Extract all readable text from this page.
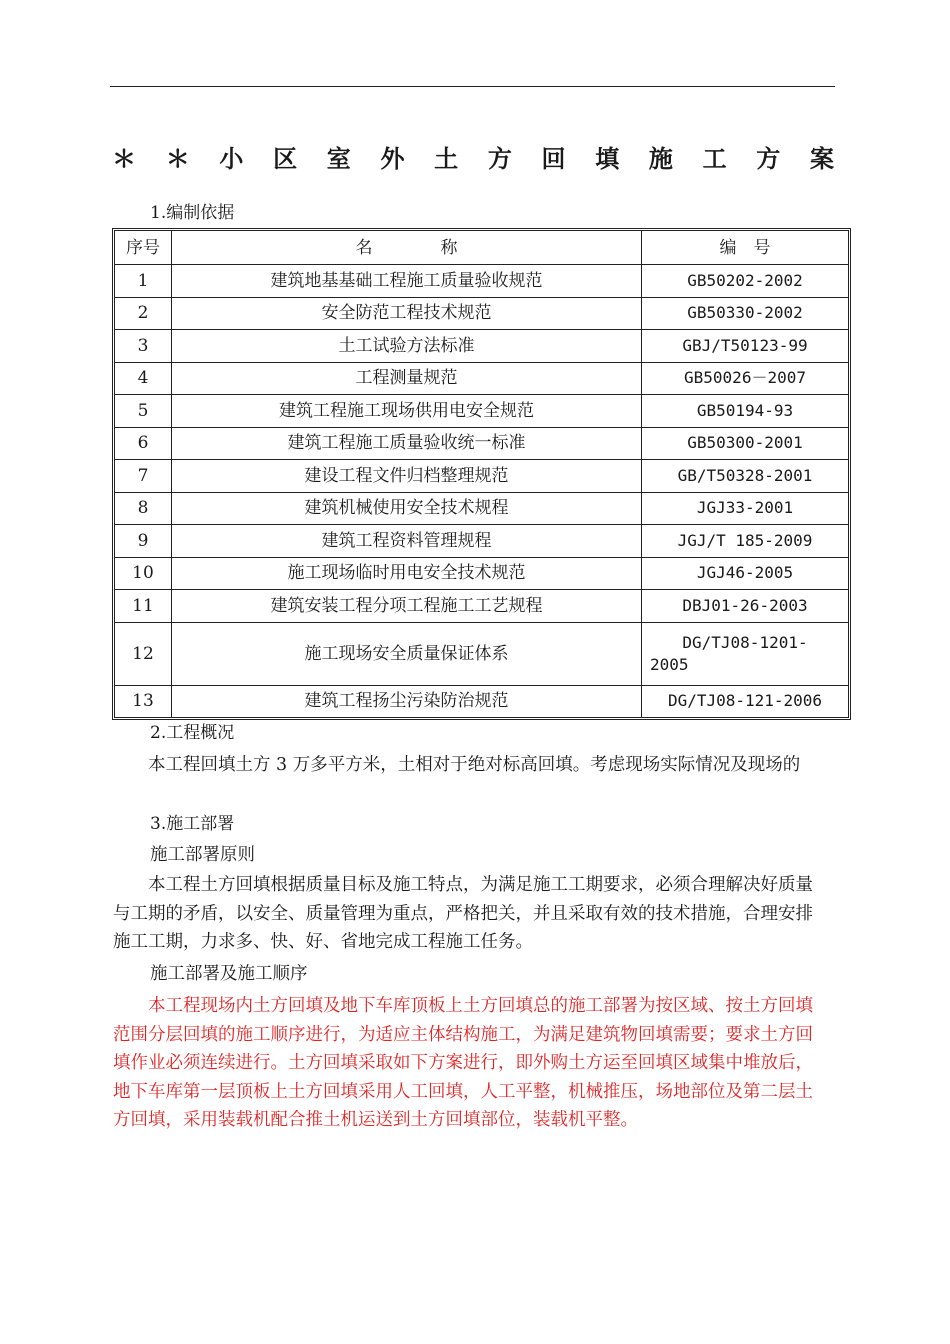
＊ ＊ 小 区 室 外 土 方 回 填 施 工 方 案
1.编制依据
序号	名　　　　称	编　号
1	建筑地基基础工程施工质量验收规范	GB50202-2002
2	安全防范工程技术规范	GB50330-2002
3	土工试验方法标准	GBJ/T50123-99
4	工程测量规范	GB50026－2007
5	建筑工程施工现场供用电安全规范	GB50194-93
6	建筑工程施工质量验收统一标准	GB50300-2001
7	建设工程文件归档整理规范	GB/T50328-2001
8	建筑机械使用安全技术规程	JGJ33-2001
9	建筑工程资料管理规程	JGJ/T 185-2009
10	施工现场临时用电安全技术规范	JGJ46-2005
11	建筑安装工程分项工程施工工艺规程	DBJ01-26-2003
12	施工现场安全质量保证体系	DG/TJ08-1201-
2005

13	建筑工程扬尘污染防治规范	DG/TJ08-121-2006
2.工程概况
本工程回填土方 3 万多平方米，土相对于绝对标高回填。考虑现场实际情况及现场的
3.施工部署
施工部署原则
本工程土方回填根据质量目标及施工特点，为满足施工工期要求，必须合理解决好质量与工期的矛盾，以安全、质量管理为重点，严格把关，并且采取有效的技术措施，合理安排施工工期，力求多、快、好、省地完成工程施工任务。
施工部署及施工顺序
本工程现场内土方回填及地下车库顶板上土方回填总的施工部署为按区域、按土方回填范围分层回填的施工顺序进行，为适应主体结构施工，为满足建筑物回填需要；要求土方回填作业必须连续进行。土方回填采取如下方案进行，即外购土方运至回填区域集中堆放后，地下车库第一层顶板上土方回填采用人工回填，人工平整，机械推压，场地部位及第二层土方回填，采用装载机配合推土机运送到土方回填部位，装载机平整。
